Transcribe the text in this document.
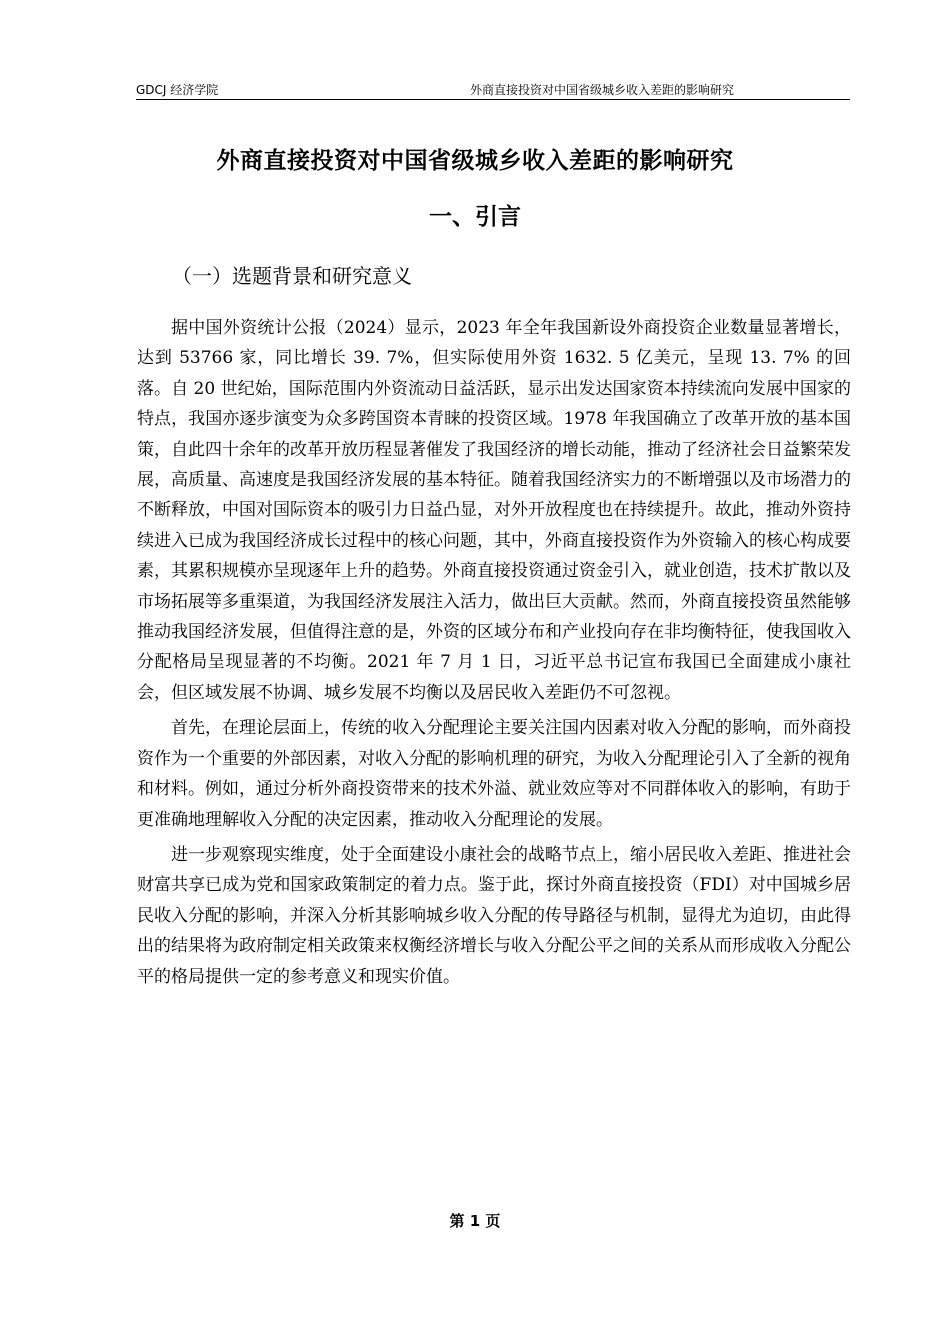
GDCJ 经济学院	外商直接投资对中国省级城乡收入差距的影响研究
外商直接投资对中国省级城乡收入差距的影响研究
一、引言
（一）选题背景和研究意义

据中国外资统计公报（2024）显示，2023 年全年我国新设外商投资企业数量显著增长，达到 53766 家，同比增长 39. 7%，但实际使用外资 1632. 5 亿美元，呈现 13. 7% 的回落。自 20 世纪始，国际范围内外资流动日益活跃，显示出发达国家资本持续流向发展中国家的特点，我国亦逐步演变为众多跨国资本青睐的投资区域。1978 年我国确立了改革开放的基本国策，自此四十余年的改革开放历程显著催发了我国经济的增长动能，推动了经济社会日益繁荣发展，高质量、高速度是我国经济发展的基本特征。随着我国经济实力的不断增强以及市场潜力的不断释放，中国对国际资本的吸引力日益凸显，对外开放程度也在持续提升。故此，推动外资持续进入已成为我国经济成长过程中的核心问题，其中，外商直接投资作为外资输入的核心构成要素，其累积规模亦呈现逐年上升的趋势。外商直接投资通过资金引入，就业创造，技术扩散以及市场拓展等多重渠道，为我国经济发展注入活力，做出巨大贡献。然而，外商直接投资虽然能够推动我国经济发展，但值得注意的是，外资的区域分布和产业投向存在非均衡特征，使我国收入分配格局呈现显著的不均衡。2021 年 7 月 1 日，习近平总书记宣布我国已全面建成小康社会，但区域发展不协调、城乡发展不均衡以及居民收入差距仍不可忽视。

首先，在理论层面上，传统的收入分配理论主要关注国内因素对收入分配的影响，而外商投资作为一个重要的外部因素，对收入分配的影响机理的研究，为收入分配理论引入了全新的视角和材料。例如，通过分析外商投资带来的技术外溢、就业效应等对不同群体收入的影响，有助于更准确地理解收入分配的决定因素，推动收入分配理论的发展。

进一步观察现实维度，处于全面建设小康社会的战略节点上，缩小居民收入差距、推进社会财富共享已成为党和国家政策制定的着力点。鉴于此，探讨外商直接投资（FDI）对中国城乡居民收入分配的影响，并深入分析其影响城乡收入分配的传导路径与机制，显得尤为迫切，由此得出的结果将为政府制定相关政策来权衡经济增长与收入分配公平之间的关系从而形成收入分配公平的格局提供一定的参考意义和现实价值。

第 1 页
